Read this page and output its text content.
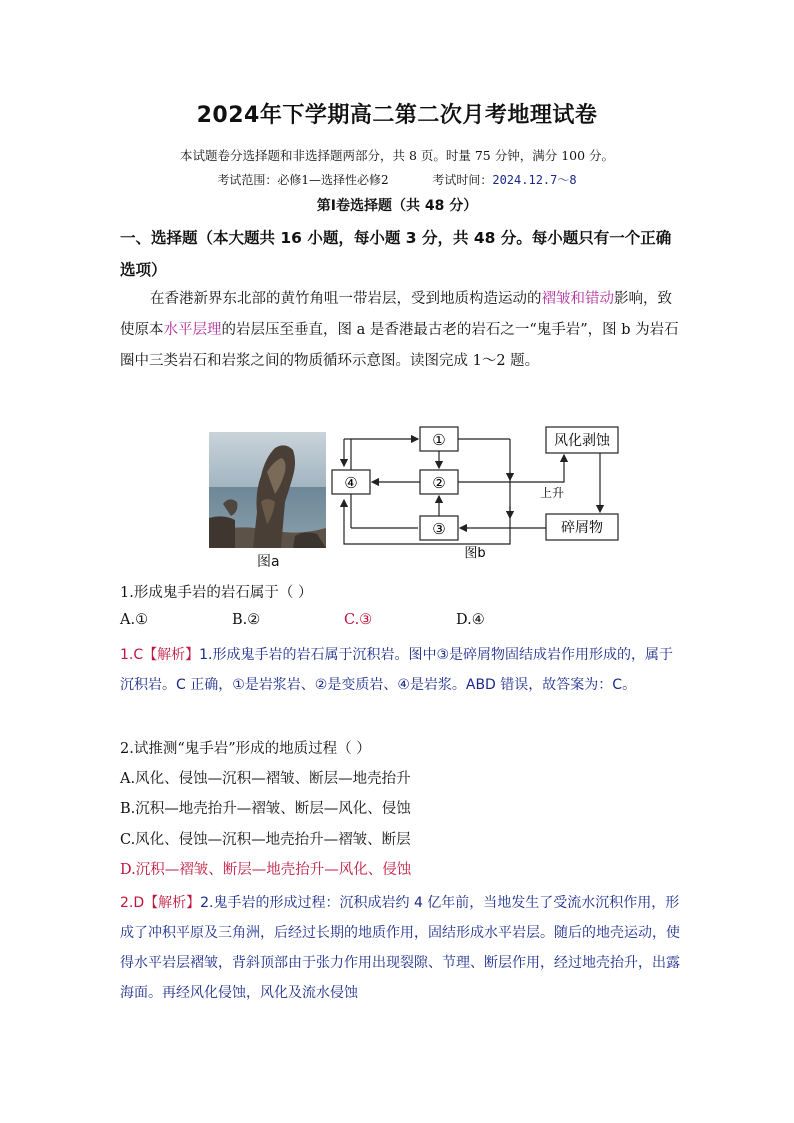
2024年下学期高二第二次月考地理试卷
本试题卷分选择题和非选择题两部分，共 8 页。时量 75 分钟，满分 100 分。
考试范围：必修1—选择性必修2	考试时间：2024.12.7～8
第Ⅰ卷选择题（共 48 分）
一、选择题（本大题共 16 小题，每小题 3 分，共 48 分。每小题只有一个正确选项）
在香港新界东北部的黄竹角咀一带岩层，受到地质构造运动的褶皱和错动影响，致使原本水平层理的岩层压至垂直，图 a 是香港最古老的岩石之一“鬼手岩”，图 b 为岩石圈中三类岩石和岩浆之间的物质循环示意图。读图完成 1～2 题。
图a
①
②
③
④
风化剥蚀
碎屑物
上升
图b
1.形成鬼手岩的岩石属于（ ）
A.①	B.②	C.③	D.④
1.C【解析】1.形成鬼手岩的岩石属于沉积岩。图中③是碎屑物固结成岩作用形成的，属于沉积岩。C 正确，①是岩浆岩、②是变质岩、④是岩浆。ABD 错误，故答案为：C。
2.试推测“鬼手岩”形成的地质过程（ ）
A.风化、侵蚀—沉积—褶皱、断层—地壳抬升
B.沉积—地壳抬升—褶皱、断层—风化、侵蚀
C.风化、侵蚀—沉积—地壳抬升—褶皱、断层
D.沉积—褶皱、断层—地壳抬升—风化、侵蚀
2.D【解析】2.鬼手岩的形成过程：沉积成岩约 4 亿年前，当地发生了受流水沉积作用，形成了冲积平原及三角洲，后经过长期的地质作用，固结形成水平岩层。随后的地壳运动，使得水平岩层褶皱，背斜顶部由于张力作用出现裂隙、节理、断层作用，经过地壳抬升，出露海面。再经风化侵蚀，风化及流水侵蚀
